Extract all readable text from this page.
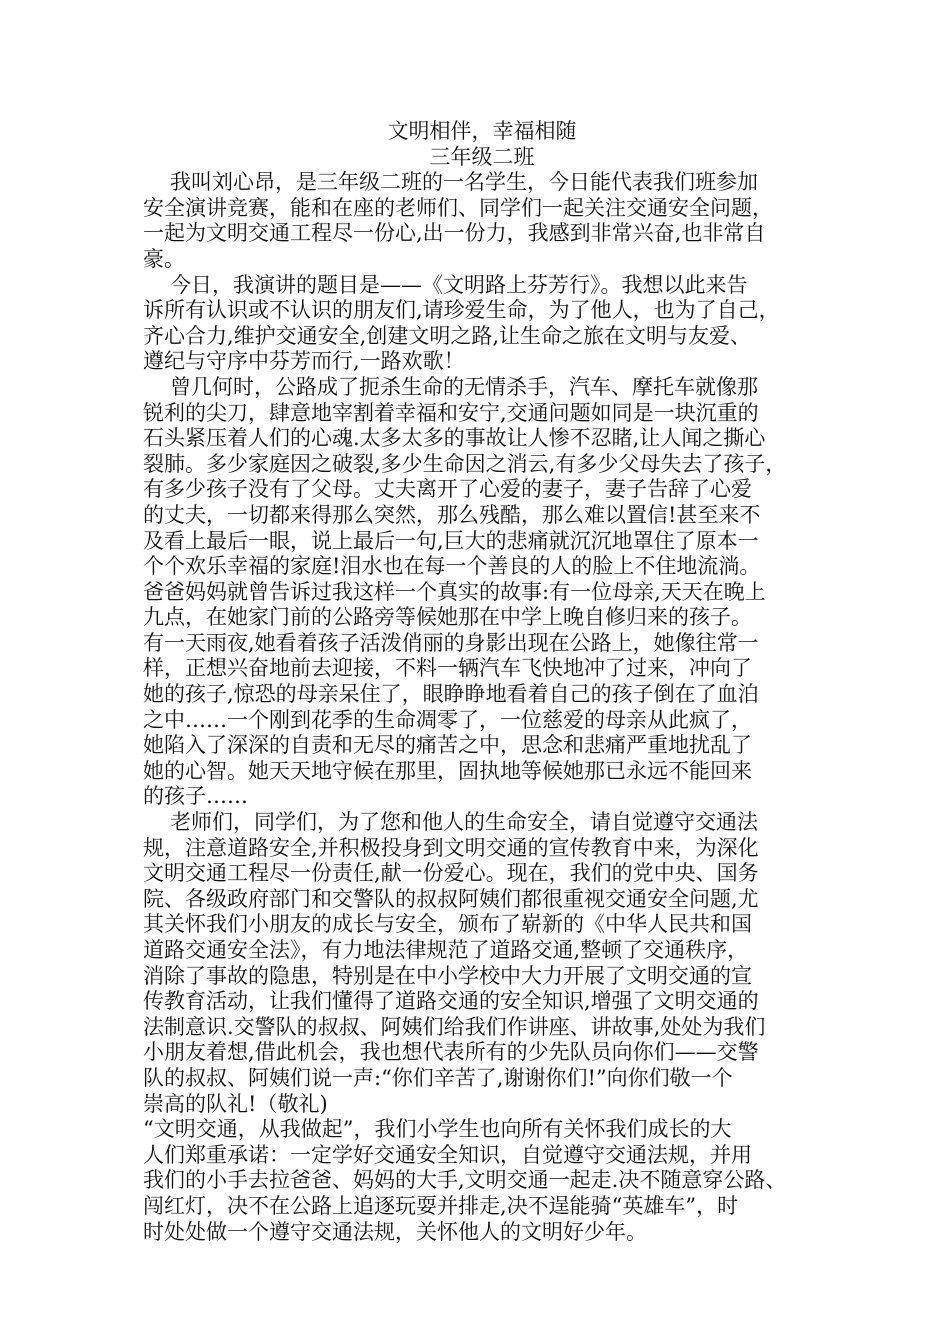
文明相伴，幸福相随

三年级二班

我叫刘心昂，是三年级二班的一名学生，今日能代表我们班参加
安全演讲竞赛，能和在座的老师们、同学们一起关注交通安全问题，
一起为文明交通工程尽一份心,出一份力，我感到非常兴奋,也非常自
豪。
今日，我演讲的题目是——《文明路上芬芳行》。我想以此来告
诉所有认识或不认识的朋友们,请珍爱生命，为了他人，也为了自己，
齐心合力,维护交通安全,创建文明之路,让生命之旅在文明与友爱、
遵纪与守序中芬芳而行,一路欢歌！
曾几何时，公路成了扼杀生命的无情杀手，汽车、摩托车就像那
锐利的尖刀，肆意地宰割着幸福和安宁,交通问题如同是一块沉重的
石头紧压着人们的心魂.太多太多的事故让人惨不忍睹,让人闻之撕心
裂肺。多少家庭因之破裂,多少生命因之消云,有多少父母失去了孩子，
有多少孩子没有了父母。丈夫离开了心爱的妻子，妻子告辞了心爱
的丈夫，一切都来得那么突然，那么残酷，那么难以置信!甚至来不
及看上最后一眼，说上最后一句,巨大的悲痛就沉沉地罩住了原本一
个个欢乐幸福的家庭!泪水也在每一个善良的人的脸上不住地流淌。
爸爸妈妈就曾告诉过我这样一个真实的故事:有一位母亲,天天在晚上
九点，在她家门前的公路旁等候她那在中学上晚自修归来的孩子。
有一天雨夜,她看着孩子活泼俏丽的身影出现在公路上，她像往常一
样，正想兴奋地前去迎接，不料一辆汽车飞快地冲了过来，冲向了
她的孩子,惊恐的母亲呆住了，眼睁睁地看着自己的孩子倒在了血泊
之中……一个刚到花季的生命凋零了，一位慈爱的母亲从此疯了，
她陷入了深深的自责和无尽的痛苦之中，思念和悲痛严重地扰乱了
她的心智。她天天地守候在那里，固执地等候她那已永远不能回来
的孩子……
老师们，同学们，为了您和他人的生命安全，请自觉遵守交通法
规，注意道路安全,并积极投身到文明交通的宣传教育中来，为深化
文明交通工程尽一份责任,献一份爱心。现在，我们的党中央、国务
院、各级政府部门和交警队的叔叔阿姨们都很重视交通安全问题,尤
其关怀我们小朋友的成长与安全，颁布了崭新的《中华人民共和国
道路交通安全法》，有力地法律规范了道路交通,整顿了交通秩序，
消除了事故的隐患，特别是在中小学校中大力开展了文明交通的宣
传教育活动，让我们懂得了道路交通的安全知识,增强了文明交通的
法制意识.交警队的叔叔、阿姨们给我们作讲座、讲故事,处处为我们
小朋友着想,借此机会，我也想代表所有的少先队员向你们——交警
队的叔叔、阿姨们说一声:“你们辛苦了,谢谢你们!”向你们敬一个
崇高的队礼!（敬礼)
“文明交通，从我做起”，我们小学生也向所有关怀我们成长的大
人们郑重承诺：一定学好交通安全知识，自觉遵守交通法规，并用
我们的小手去拉爸爸、妈妈的大手,文明交通一起走.决不随意穿公路、
闯红灯，决不在公路上追逐玩耍并排走,决不逞能骑“英雄车”，时
时处处做一个遵守交通法规，关怀他人的文明好少年。
